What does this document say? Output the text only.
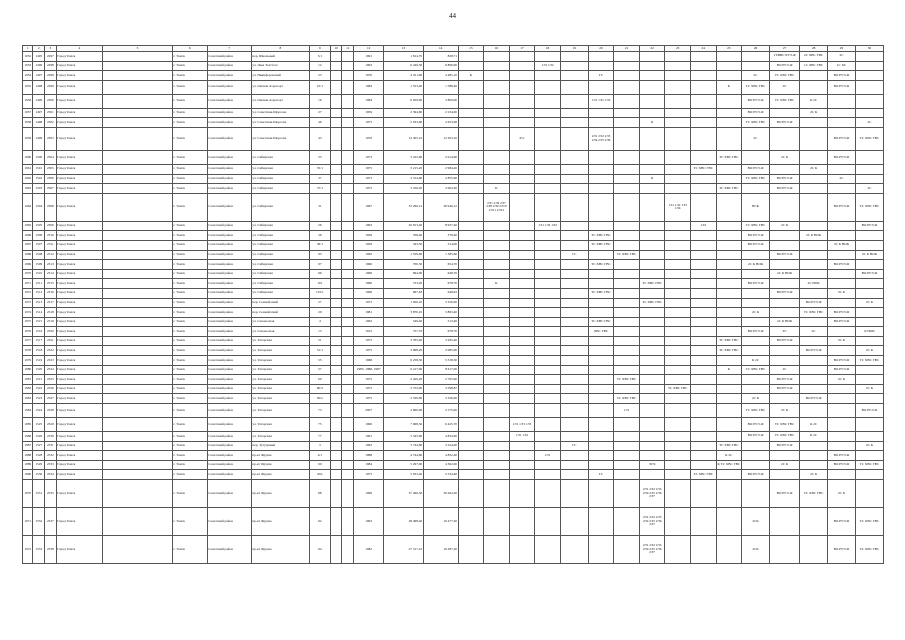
44
1	2	3	4	5	6	7	8	9	10	11	12	13	14	15	16	17	18	19	20	21	22	23	24	25	26	27	28	29	30
1952	1495	2297	Город Томск		г. Томск	Советский район	пер. Школьный	5/1			1991	1 814,70	828,71													1Т.ВВС РУЭ-Ф	2С ХВС ГВС	2С	
1953	1496	2298	Город Томск		г. Томск	Советский район	ул. Льва Толстого	12			1993	6 426,30	6 806,90				1Э1 1Э2									ВО РУЭ-Ф	1С ХВС ГВС	1С ХС	
1954	1497	2299	Город Томск		г. Томск	Советский район	ул. Никифоровский	25			1970	4 911,60	4 485,10	К					ГС						2С	ТС ХВС ГВС		ВО РУЭ-Ф	
1955	1498	2299	Город Томск		г. Томск	Советский район	ул. Омская Аэропорт	10/1			1984	1 553,40	1 588,40											К	ТС ХВС ГВС	2С		ВО РУЭ-Ф	
1956	1499	2300	Город Томск		г. Томск	Советский район	ул. Омская Аэропорт	16			1984	6 059,00	5 809,00						1Э1 1Э2 1Э3						ВО РУЭ-Ф	ТС ХВС ГВС	К 2С		
1957	1497	2301	Город Томск		г. Томск	Советский район	ул. Советская-Щорсова	27			1959	2 394,60	2 234,00												ВО РУЭ-Ф		2С К		
1958	1498	2302	Город Томск		г. Томск	Советский район	ул. Советская-Щорсова	46			1975	2 933,60	2 653,06								К				ТС ХВС ГВС	ВО РУЭ-Ф			2С
1959	1499	2303	Город Томск		г. Томск	Советский район	ул. Советская-Щорсова	43			1976	14 305,10	12 303,10			Рэс			2Э1 2Э2 2Э3 2Э4 2Э5 2Э6						2С			ВО РУЭ-Ф	ТС ХВС ГВС
1960	1500	2304	Город Томск		г. Томск	Советский район	ул. Сибирская	35			1973	3 222,60	2 914,90											ТС ХВС ГВС		2С К		ВО РУЭ-Ф	
1961	1501	2305	Город Томск		г. Томск	Советский район	ул. Сибирская	35/1			1975	3 215,20	2 984,20										ТС ХВС ГВС		ВО РУЭ-Ф		2С К		
1962	1502	2306	Город Томск		г. Томск	Советский район	ул. Сибирская	37			1973	3 314,60	2 855,90								К				ТС ХВС ГВС	ВО РУЭ-Ф		2С	
1963	1503	2307	Город Томск		г. Томск	Советский район	ул. Сибирская	37/1			1975	3 256,20	2 904,30		К									ТС ХВС ГВС		ВО РУЭ-Ф			2С
1964	1504	2308	Город Томск		г. Томск	Советский район	ул. Сибирская	31			1967	33 266,12	36 946,12		2Э1 2Э4 2Э7 2Э8 2Э9 2Э10 2Э11 2Э12							1Э1 1Э2 1Э3 1Э4			ВСК			ВО РУЭ-Ф	ТС ХВС ГВС
1965	1505	2309	Город Томск		г. Томск	Советский район	ул. Сибирская	26			1993	20 813,40	8 957,40				1Э1 1Э2 1Э4						1Э2		ТС ХВС ГВС	2С К			ВО РУЭ-Ф
1966	1506	2310	Город Томск		г. Томск	Советский район	ул. Сибирская	36			1959	358,40	378,40						ТС ХВС ГВС						ВО РУЭ-Ф		2С К НОК		
1967	1507	2311	Город Томск		г. Томск	Советский район	ул. Сибирская	36/1			1959	343,30	314,00						ТС ХВС ГВС						ВО РУЭ-Ф			2С К НОК	
1968	1508	2312	Город Томск		г. Томск	Советский район	ул. Сибирская	95			1962	1 559,60	1 385,60					ГС		ТС ХВС ГВС						ВО РУЭ-Ф			2С К НОК
1969	1509	2313	Город Томск		г. Томск	Советский район	ул. Сибирская	97			1960	700,50	654,70						ТС ХВС ГВС						2С К НОК			ВО РУЭ-Ф	
1970	1510	2314	Город Томск		г. Томск	Советский район	ул. Сибирская	99			1960	694,90	648,70													2С К НОК			ВО РУЭ-Ф
1971	1511	2315	Город Томск		г. Томск	Советский район	ул. Сибирская	101			1960	723,20	678,70		К						ТС ХВС ГВС				ВО РУЭ-Ф		2С НОК		
1972	1512	2316	Город Томск		г. Томск	Советский район	ул. Сибирская	101/1			1960	697,63	648,63						ТС ХВС ГВС							ВО РУЭ-Ф		2С К	
1973	1513	2317	Город Томск		г. Томск	Советский район	пер. Сенной/ский	27			1973	1 950,10	3 320,00								ТС ХВС ГВС						ВО РУЭ-Ф		2С К
1974	1514	2318	Город Томск		г. Томск	Советский район	пер. Сенной/ский	29			1981	3 870,10	3 863,40												2С К		ТС ХВС ГВС	ВО РУЭ-Ф	
1975	1515	2319	Город Томск		г. Томск	Советский район	ул. Сенокосная	4			1962	549,40	513,40						ТС ХВС ГВС							2С К НОК		ВО РУЭ-Ф	
1976	1516	2320	Город Томск		г. Томск	Советский район	ул. Сенокосная	13			1912	757,70	678,70						ХВС ГВС						ВО РУЭ-Ф	ТС	2С		К НОК
1977	1517	2321	Город Томск		г. Томск	Советский район	ул. Татарская	51			1975	3 765,40	3 295,40											ТС ХВС ГВС		ВО РУЭ-Ф		2С К	
1978	1518	2322	Город Томск		г. Томск	Советский район	ул. Татарская	51/1			1975	3 698,20	2 985,90											ТС ХВС ГВС			ВО РУЭ-Ф		2С К
1979	1519	2323	Город Томск		г. Томск	Советский район	ул. Татарская	55			1968	6 258,30	5 318,30												К 2С			ВО РУЭ-Ф	ТС ХВС ГВС
1980	1520	2324	Город Томск		г. Томск	Советский район	ул. Татарская	57			1985, 1986, 1987	9 417,00	8 617,00											К	ТС ХВС ГВС	2С		ВО РУЭ-Ф	
1981	1521	2325	Город Томск		г. Томск	Советский район	ул. Татарская	60			1975	2 429,20	2 765,90							ТС ХВС ГВС						ВО РУЭ-Ф		2С К	
1982	1522	2326	Город Томск		г. Томск	Советский район	ул. Татарская	60/2			1975	3 752,00	3 598,87									ТС ХВС ГВС				ВО РУЭ-Ф			2С К
1983	1523	2327	Город Томск		г. Томск	Советский район	ул. Татарская	60/а			1975	3 530,00	3 326,00							ТС ХВС ГВС					2С К		ВО РУЭ-Ф		
1984	1524	2328	Город Томск		г. Томск	Советский район	ул. Татарская	73			2007	2 690,00	2 575,00							1Э1					ТС ХВС ГВС	2С К			ВО РУЭ-Ф
1985	1525	2329	Город Томск		г. Томск	Советский район	ул. Татарская	75			1990	7 068,50	6 425,70			1Э1 1Э3 1Э3									ВО РУЭ-Ф	ТС ХВС ГВС	К 2С		
1986	1526	2330	Город Томск		г. Томск	Советский район	ул. Татарская	77			1991	5 345,90	4 834,90			1Э1 1Э2									ВО РУЭ-Ф	ТС ХВС ГВС	К 2С		
1987	1527	2331	Город Томск		г. Томск	Советский район	пер. Тутуцовый	3			1963	3 744,60	3 524,00					ГС						ТС ХВС ГВС		ВО РУЭ-Ф			2С К
1988	1528	2332	Город Томск		г. Томск	Советский район	пр-кт Фрунзе	4/1			1988	4 744,60	4 852,40				1Э1							К 2С				ВО РУЭ-Ф	
1989	1529	2333	Город Томск		г. Томск	Советский район	пр-кт Фрунзе	60			1984	5 297,00	4 362,00								ЭСЧ			К ТС ХВС ГВС		2С К		ВО РУЭ-Ф	ТС ХВС ГВС
1990	1530	2334	Город Томск		г. Томск	Советский район	пр-кт Фрунзе	60а			1975	5 633,40	5 534,40						ГС				ТС ХВС ГВС		ВО РУЭ-Ф		2С К		
1970	1531	2335	Город Томск		г. Томск	Советский район	пр-кт Фрунзе	88			1996	37 466,30	36 262,20								2Э1 2Э2 2Э3 2Э4 2Э5 2Э6 2Э7					ВО РУЭ-Ф	ТС ХВС ГВС	2С К	
1971	1532	2337	Город Томск		г. Томск	Советский район	пр-кт Фрунзе	92			1993	28 498,40	16 477,20								2Э1 2Э2 2Э3 2Э4 2Э5 2Э6 2Э7				2СК			ВО РУЭ-Ф	ТС ХВС ГВС
1972	1533	2338	Город Томск		г. Томск	Советский район	пр-кт Фрунзе	94			1982	27 317,10	16 287,20								2Э1 2Э2 2Э3 2Э4 2Э5 2Э6 2Э7				2СК			ВО РУЭ-Ф	ТС ХВС ГВС
